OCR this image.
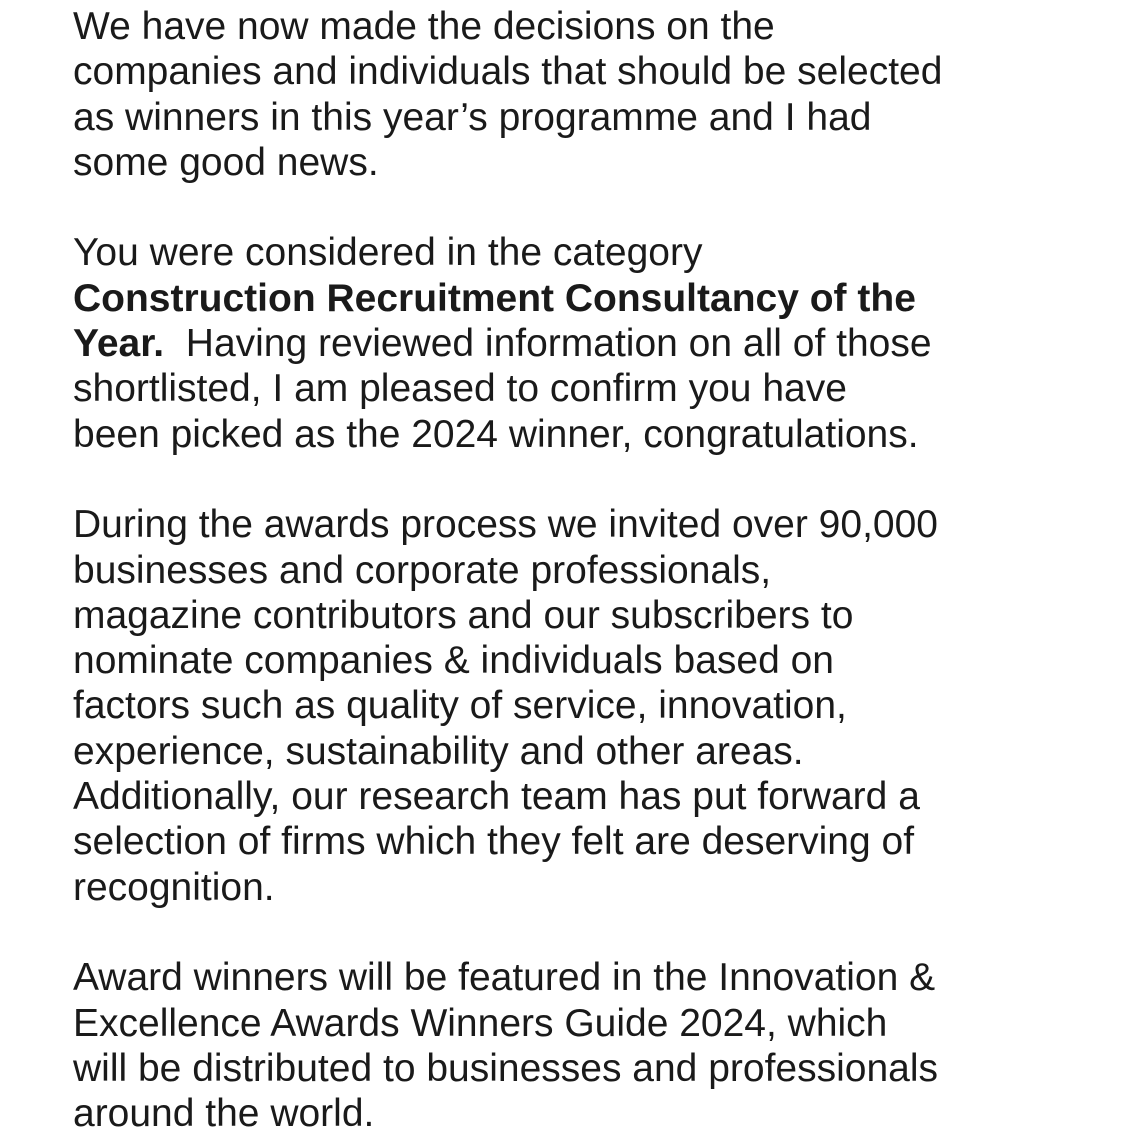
We have now made the decisions on the
companies and individuals that should be selected
as winners in this year’s programme and I had
some good news.

You were considered in the category
Construction Recruitment Consultancy of the
Year.  Having reviewed information on all of those
shortlisted, I am pleased to confirm you have
been picked as the 2024 winner, congratulations.

During the awards process we invited over 90,000
businesses and corporate professionals,
magazine contributors and our subscribers to
nominate companies & individuals based on
factors such as quality of service, innovation,
experience, sustainability and other areas.
Additionally, our research team has put forward a
selection of firms which they felt are deserving of
recognition.

Award winners will be featured in the Innovation &
Excellence Awards Winners Guide 2024, which
will be distributed to businesses and professionals
around the world.
